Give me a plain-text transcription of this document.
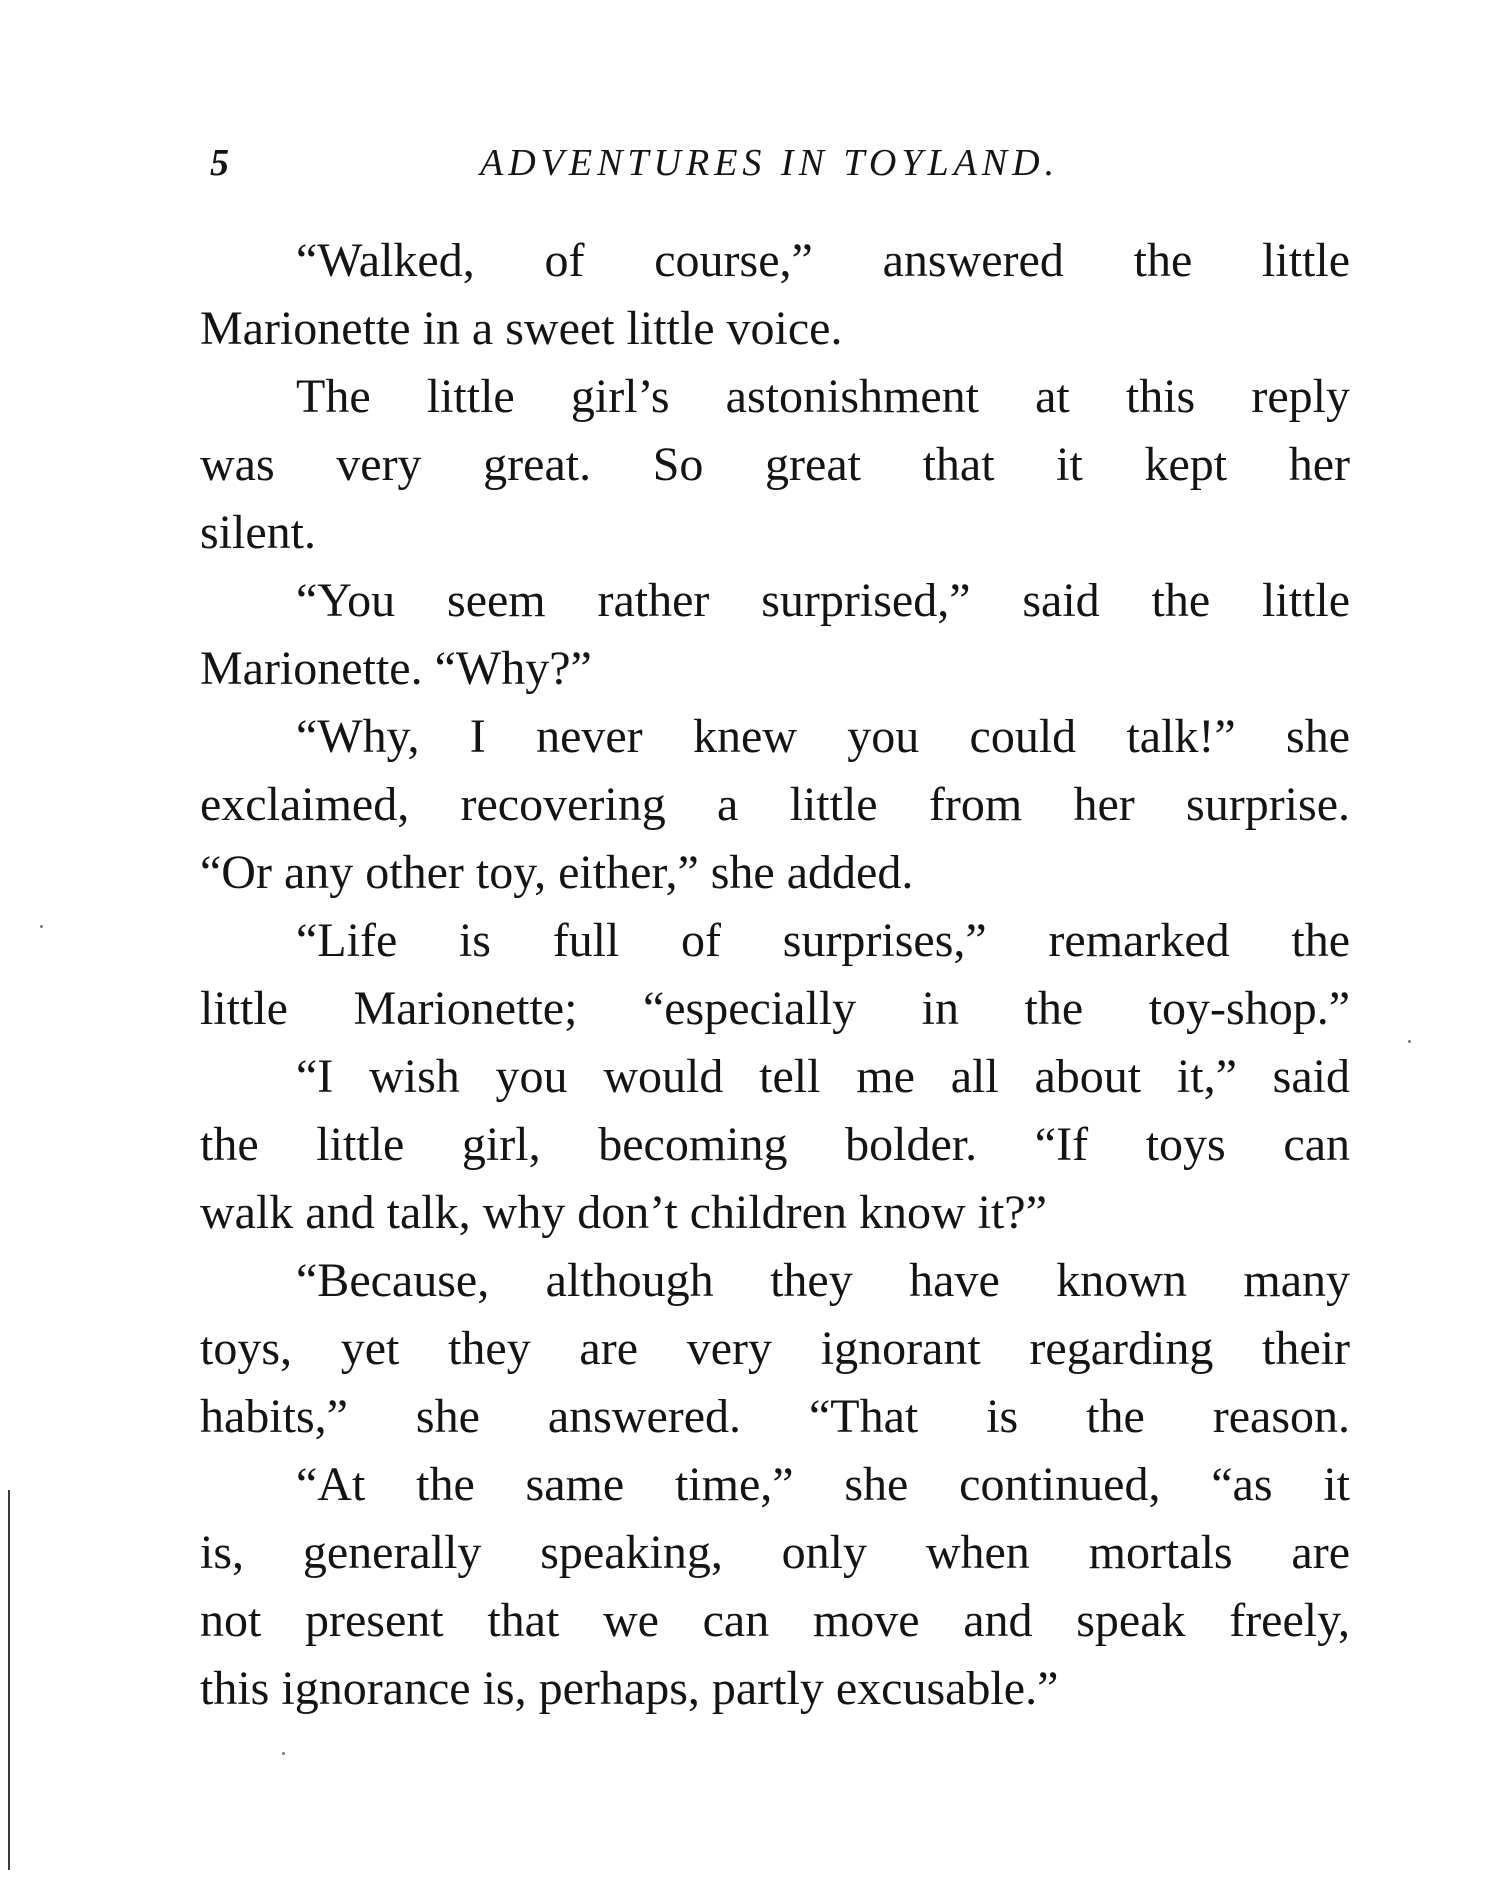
5	ADVENTURES IN TOYLAND.
“Walked, of course,” answered the little
Marionette in a sweet little voice.
The little girl’s astonishment at this reply
was very great. So great that it kept her
silent.
“You seem rather surprised,” said the little
Marionette. “Why?”
“Why, I never knew you could talk!” she
exclaimed, recovering a little from her surprise.
“Or any other toy, either,” she added.
“Life is full of surprises,” remarked the
little Marionette; “especially in the toy-shop.”
“I wish you would tell me all about it,” said
the little girl, becoming bolder. “If toys can
walk and talk, why don’t children know it?”
“Because, although they have known many
toys, yet they are very ignorant regarding their
habits,” she answered. “That is the reason.
“At the same time,” she continued, “as it
is, generally speaking, only when mortals are
not present that we can move and speak freely,
this ignorance is, perhaps, partly excusable.”
